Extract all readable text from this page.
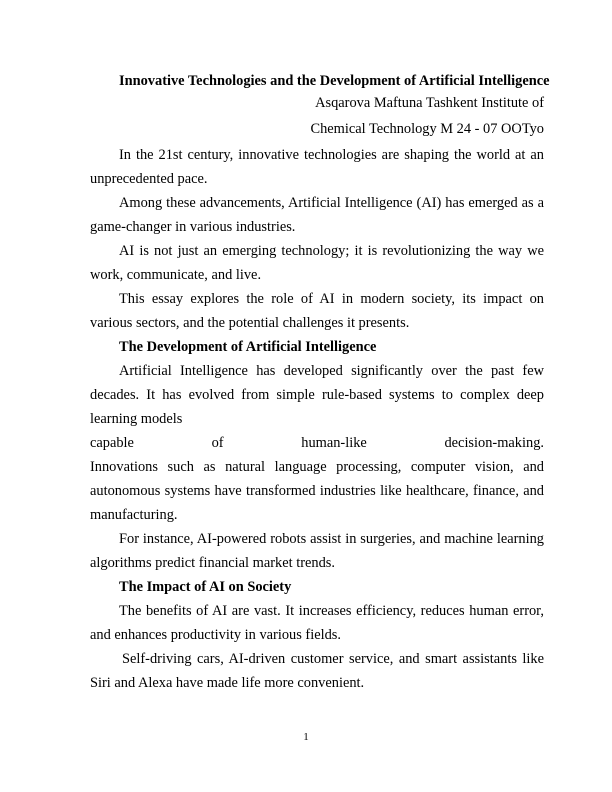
Innovative Technologies and the Development of Artificial Intelligence
Asqarova Maftuna Tashkent Institute of
Chemical Technology M 24 - 07 OOTyo

In the 21st century, innovative technologies are shaping the world at an unprecedented pace.

Among these advancements, Artificial Intelligence (AI) has emerged as a game-changer in various industries.

AI is not just an emerging technology; it is revolutionizing the way we work, communicate, and live.

This essay explores the role of AI in modern society, its impact on various sectors, and the potential challenges it presents.

The Development of Artificial Intelligence

Artificial Intelligence has developed significantly over the past few decades. It has evolved from simple rule-based systems to complex deep learning models

capable	of	human-like	decision-making.

Innovations such as natural language processing, computer vision, and autonomous systems have transformed industries like healthcare, finance, and manufacturing.

For instance, AI-powered robots assist in surgeries, and machine learning algorithms predict financial market trends.

The Impact of AI on Society

The benefits of AI are vast. It increases efficiency, reduces human error, and enhances productivity in various fields.

Self-driving cars, AI-driven customer service, and smart assistants like Siri and Alexa have made life more convenient.

1
